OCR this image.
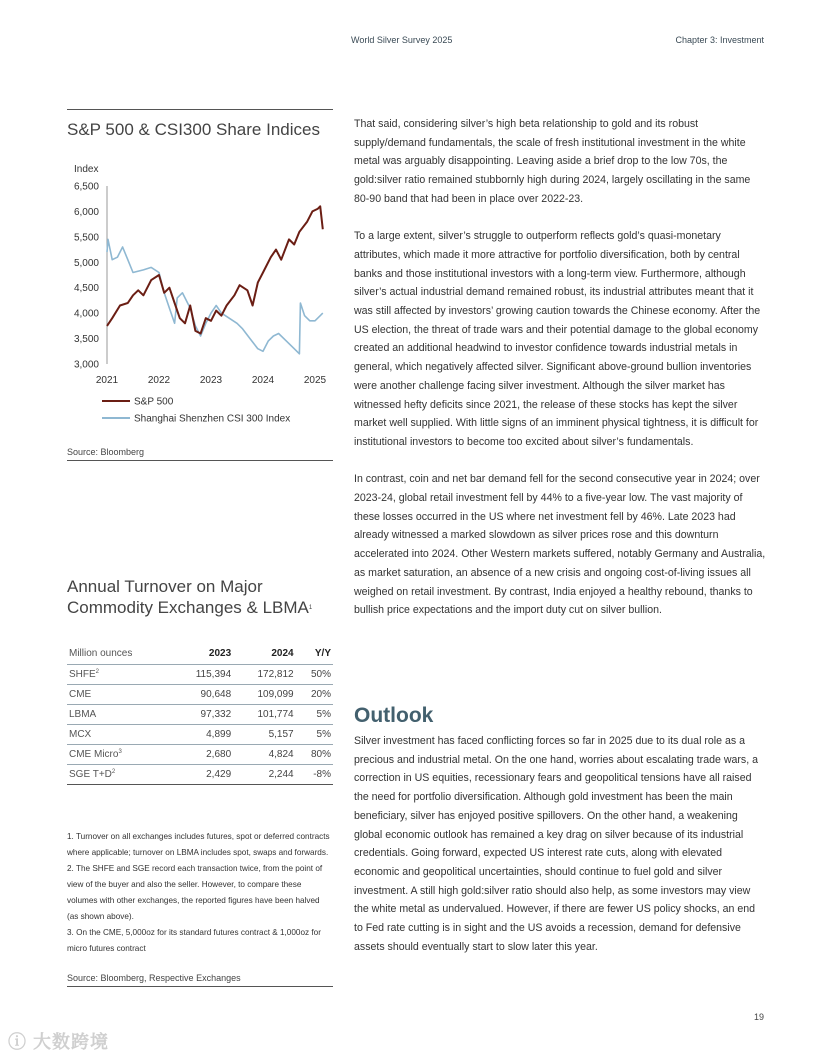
World Silver Survey 2025	Chapter 3: Investment
S&P 500 & CSI300 Share Indices
Source: Bloomberg
Index
3,000
3,500
4,000
4,500
5,000
5,500
6,000
6,500
2021	2022	2023	2024	2025
S&P 500
Shanghai Shenzhen CSI 300 Index
Annual Turnover on Major Commodity Exchanges & LBMA$^1$
Million ounces	2023	2024	Y/Y
SHFE$^2$	115,394	172,812	50%
CME	90,648	109,099	20%
LBMA	97,332	101,774	5%
MCX	4,899	5,157	5%
CME Micro$^3$	2,680	4,824	80%
SGE $T+D^2$	2,429	2,244	-8%
1. Turnover on all exchanges includes futures, spot or deferred contracts where applicable; turnover on LBMA includes spot, swaps and forwards.
2. The SHFE and SGE record each transaction twice, from the point of view of the buyer and also the seller. However, to compare these volumes with other exchanges, the reported figures have been halved (as shown above).
3. On the CME, 5,000oz for its standard futures contract & 1,000oz for micro futures contract
Source: Bloomberg, Respective Exchanges

That said, considering silver’s high beta relationship to gold and its robust supply/demand fundamentals, the scale of fresh institutional investment in the white metal was arguably disappointing. Leaving aside a brief drop to the low 70s, the gold:silver ratio remained stubbornly high during 2024, largely oscillating in the same 80-90 band that had been in place over 2022-23.

To a large extent, silver’s struggle to outperform reflects gold’s quasi-monetary attributes, which made it more attractive for portfolio diversification, both by central banks and those institutional investors with a long-term view. Furthermore, although silver’s actual industrial demand remained robust, its industrial attributes meant that it was still affected by investors’ growing caution towards the Chinese economy. After the US election, the threat of trade wars and their potential damage to the global economy created an additional headwind to investor confidence towards industrial metals in general, which negatively affected silver. Significant above-ground bullion inventories were another challenge facing silver investment. Although the silver market has witnessed hefty deficits since 2021, the release of these stocks has kept the silver market well supplied. With little signs of an imminent physical tightness, it is difficult for institutional investors to become too excited about silver’s fundamentals.

In contrast, coin and net bar demand fell for the second consecutive year in 2024; over 2023-24, global retail investment fell by 44% to a five-year low. The vast majority of these losses occurred in the US where net investment fell by 46%. Late 2023 had already witnessed a marked slowdown as silver prices rose and this downturn accelerated into 2024. Other Western markets suffered, notably Germany and Australia, as market saturation, an absence of a new crisis and ongoing cost-of-living issues all weighed on retail investment. By contrast, India enjoyed a healthy rebound, thanks to bullish price expectations and the import duty cut on silver bullion.

Outlook

Silver investment has faced conflicting forces so far in 2025 due to its dual role as a precious and industrial metal. On the one hand, worries about escalating trade wars, a correction in US equities, recessionary fears and geopolitical tensions have all raised the need for portfolio diversification. Although gold investment has been the main beneficiary, silver has enjoyed positive spillovers. On the other hand, a weakening global economic outlook has remained a key drag on silver because of its industrial credentials. Going forward, expected US interest rate cuts, along with elevated economic and geopolitical uncertainties, should continue to fuel gold and silver investment. A still high gold:silver ratio should also help, as some investors may view the white metal as undervalued. However, if there are fewer US policy shocks, an end to Fed rate cutting is in sight and the US avoids a recession, demand for defensive assets should eventually start to slow later this year.

19
ⓘ 大数跨境
